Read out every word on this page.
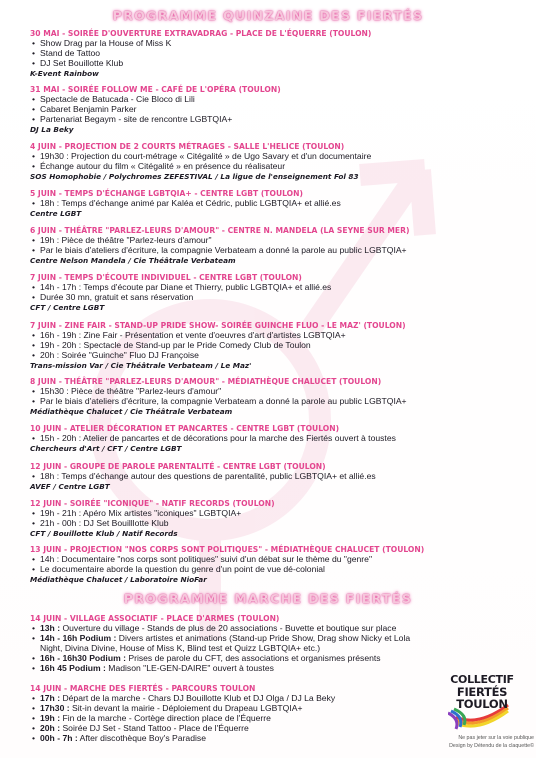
PROGRAMME QUINZAINE DES FIERTÉS
30 MAI - SOIRÉE D'OUVERTURE EXTRAVADRAG - PLACE DE L'ÉQUERRE (TOULON)
• Show Drag par la House of Miss K
• Stand de Tattoo
• DJ Set Bouillotte Klub
K-Event Rainbow
31 MAI - SOIRÉE FOLLOW ME - CAFÉ DE L'OPÉRA (TOULON)
• Spectacle de Batucada - Cie Bloco di Lili
• Cabaret Benjamin Parker
• Partenariat Begaym - site de rencontre LGBTQIA+
DJ La Beky
4 JUIN - PROJECTION DE 2 COURTS MÉTRAGES - SALLE L'HELICE (TOULON)
• 19h30 : Projection du court-métrage « Citégalité » de Ugo Savary et d'un documentaire
• Échange autour du film « Citégalité » en présence du réalisateur
SOS Homophobie / Polychromes ZEFESTIVAL / La ligue de l'enseignement Fol 83
5 JUIN - TEMPS D'ÉCHANGE LGBTQIA+ - CENTRE LGBT (TOULON)
• 18h : Temps d'échange animé par Kaléa et Cédric, public LGBTQIA+ et allié.es
Centre LGBT
6 JUIN - THÉÂTRE "PARLEZ-LEURS D'AMOUR" - CENTRE N. MANDELA (LA SEYNE SUR MER)
• 19h : Pièce de théâtre "Parlez-leurs d'amour"
• Par le biais d'ateliers d'écriture, la compagnie Verbateam a donné la parole au public LGBTQIA+
Centre Nelson Mandela / Cie Théâtrale Verbateam
7 JUIN - TEMPS D'ÉCOUTE INDIVIDUEL - CENTRE LGBT (TOULON)
• 14h - 17h : Temps d'écoute par Diane et Thierry, public LGBTQIA+ et allié.es
• Durée 30 mn, gratuit et sans réservation
CFT / Centre LGBT
7 JUIN - ZINE FAIR - STAND-UP PRIDE SHOW- SOIRÉE GUINCHE FLUO - LE MAZ' (TOULON)
• 16h - 19h : Zine Fair - Présentation et vente d'oeuvres d'art d'artistes LGBTQIA+
• 19h - 20h : Spectacle de Stand-up par le Pride Comedy Club de Toulon
• 20h : Soirée "Guinche" Fluo DJ Françoise
Trans-mission Var / Cie Théâtrale Verbateam / Le Maz'
8 JUIN - THÉÂTRE "PARLEZ-LEURS D'AMOUR" - MÉDIATHÈQUE CHALUCET (TOULON)
• 15h30 : Pièce de théâtre "Parlez-leurs d'amour"
• Par le biais d'ateliers d'écriture, la compagnie Verbateam a donné la parole au public LGBTQIA+
Médiathèque Chalucet / Cie Théâtrale Verbateam
10 JUIN - ATELIER DÉCORATION ET PANCARTES - CENTRE LGBT (TOULON)
• 15h - 20h : Atelier de pancartes et de décorations pour la marche des Fiertés ouvert à toustes
Chercheurs d'Art / CFT / Centre LGBT
12 JUIN - GROUPE DE PAROLE PARENTALITÉ - CENTRE LGBT (TOULON)
• 18h : Temps d'échange autour des questions de parentalité, public LGBTQIA+ et allié.es
AVEF / Centre LGBT
12 JUIN - SOIRÉE "ICONIQUE" - NATIF RECORDS (TOULON)
• 19h - 21h : Apéro Mix artistes "iconiques" LGBTQIA+
• 21h - 00h : DJ Set Bouilllotte Klub
CFT / Bouillotte Klub / Natif Records
13 JUIN - PROJECTION "NOS CORPS SONT POLITIQUES" - MÉDIATHÈQUE CHALUCET (TOULON)
• 14h : Documentaire "nos corps sont politiques" suivi d'un débat sur le thème du "genre"
• Le documentaire aborde la question du genre d'un point de vue dé-colonial
Médiathèque Chalucet / Laboratoire NioFar
PROGRAMME MARCHE DES FIERTÉS
14 JUIN - VILLAGE ASSOCIATIF - PLACE D'ARMES (TOULON)
• 13h : Ouverture du village - Stands de plus de 20 associations - Buvette et boutique sur place
• 14h - 16h Podium : Divers artistes et animations (Stand-up Pride Show, Drag show Nicky et Lola
Night, Divina Divine, House of Miss K, Blind test et Quizz LGBTQIA+ etc.)
• 16h - 16h30 Podium : Prises de parole du CFT, des associations et organismes présents
• 16h 45 Podium : Madison "LE-GEN-DAIRE" ouvert à toustes
14 JUIN - MARCHE DES FIERTÉS - PARCOURS TOULON
• 17h : Départ de la marche - Chars DJ Bouillotte Klub et DJ Olga / DJ La Beky
• 17h30 : Sit-in devant la mairie - Déploiement du Drapeau LGBTQIA+
• 19h : Fin de la marche - Cortège direction place de l'Équerre
• 20h : Soirée DJ Set - Stand Tattoo - Place de l'Équerre
• 00h - 7h : After discothèque Boy's Paradise
COLLECTIF
FIERTÉS
TOULON
Ne pas jeter sur la voie publique
Design by Détendu de la claquette©
